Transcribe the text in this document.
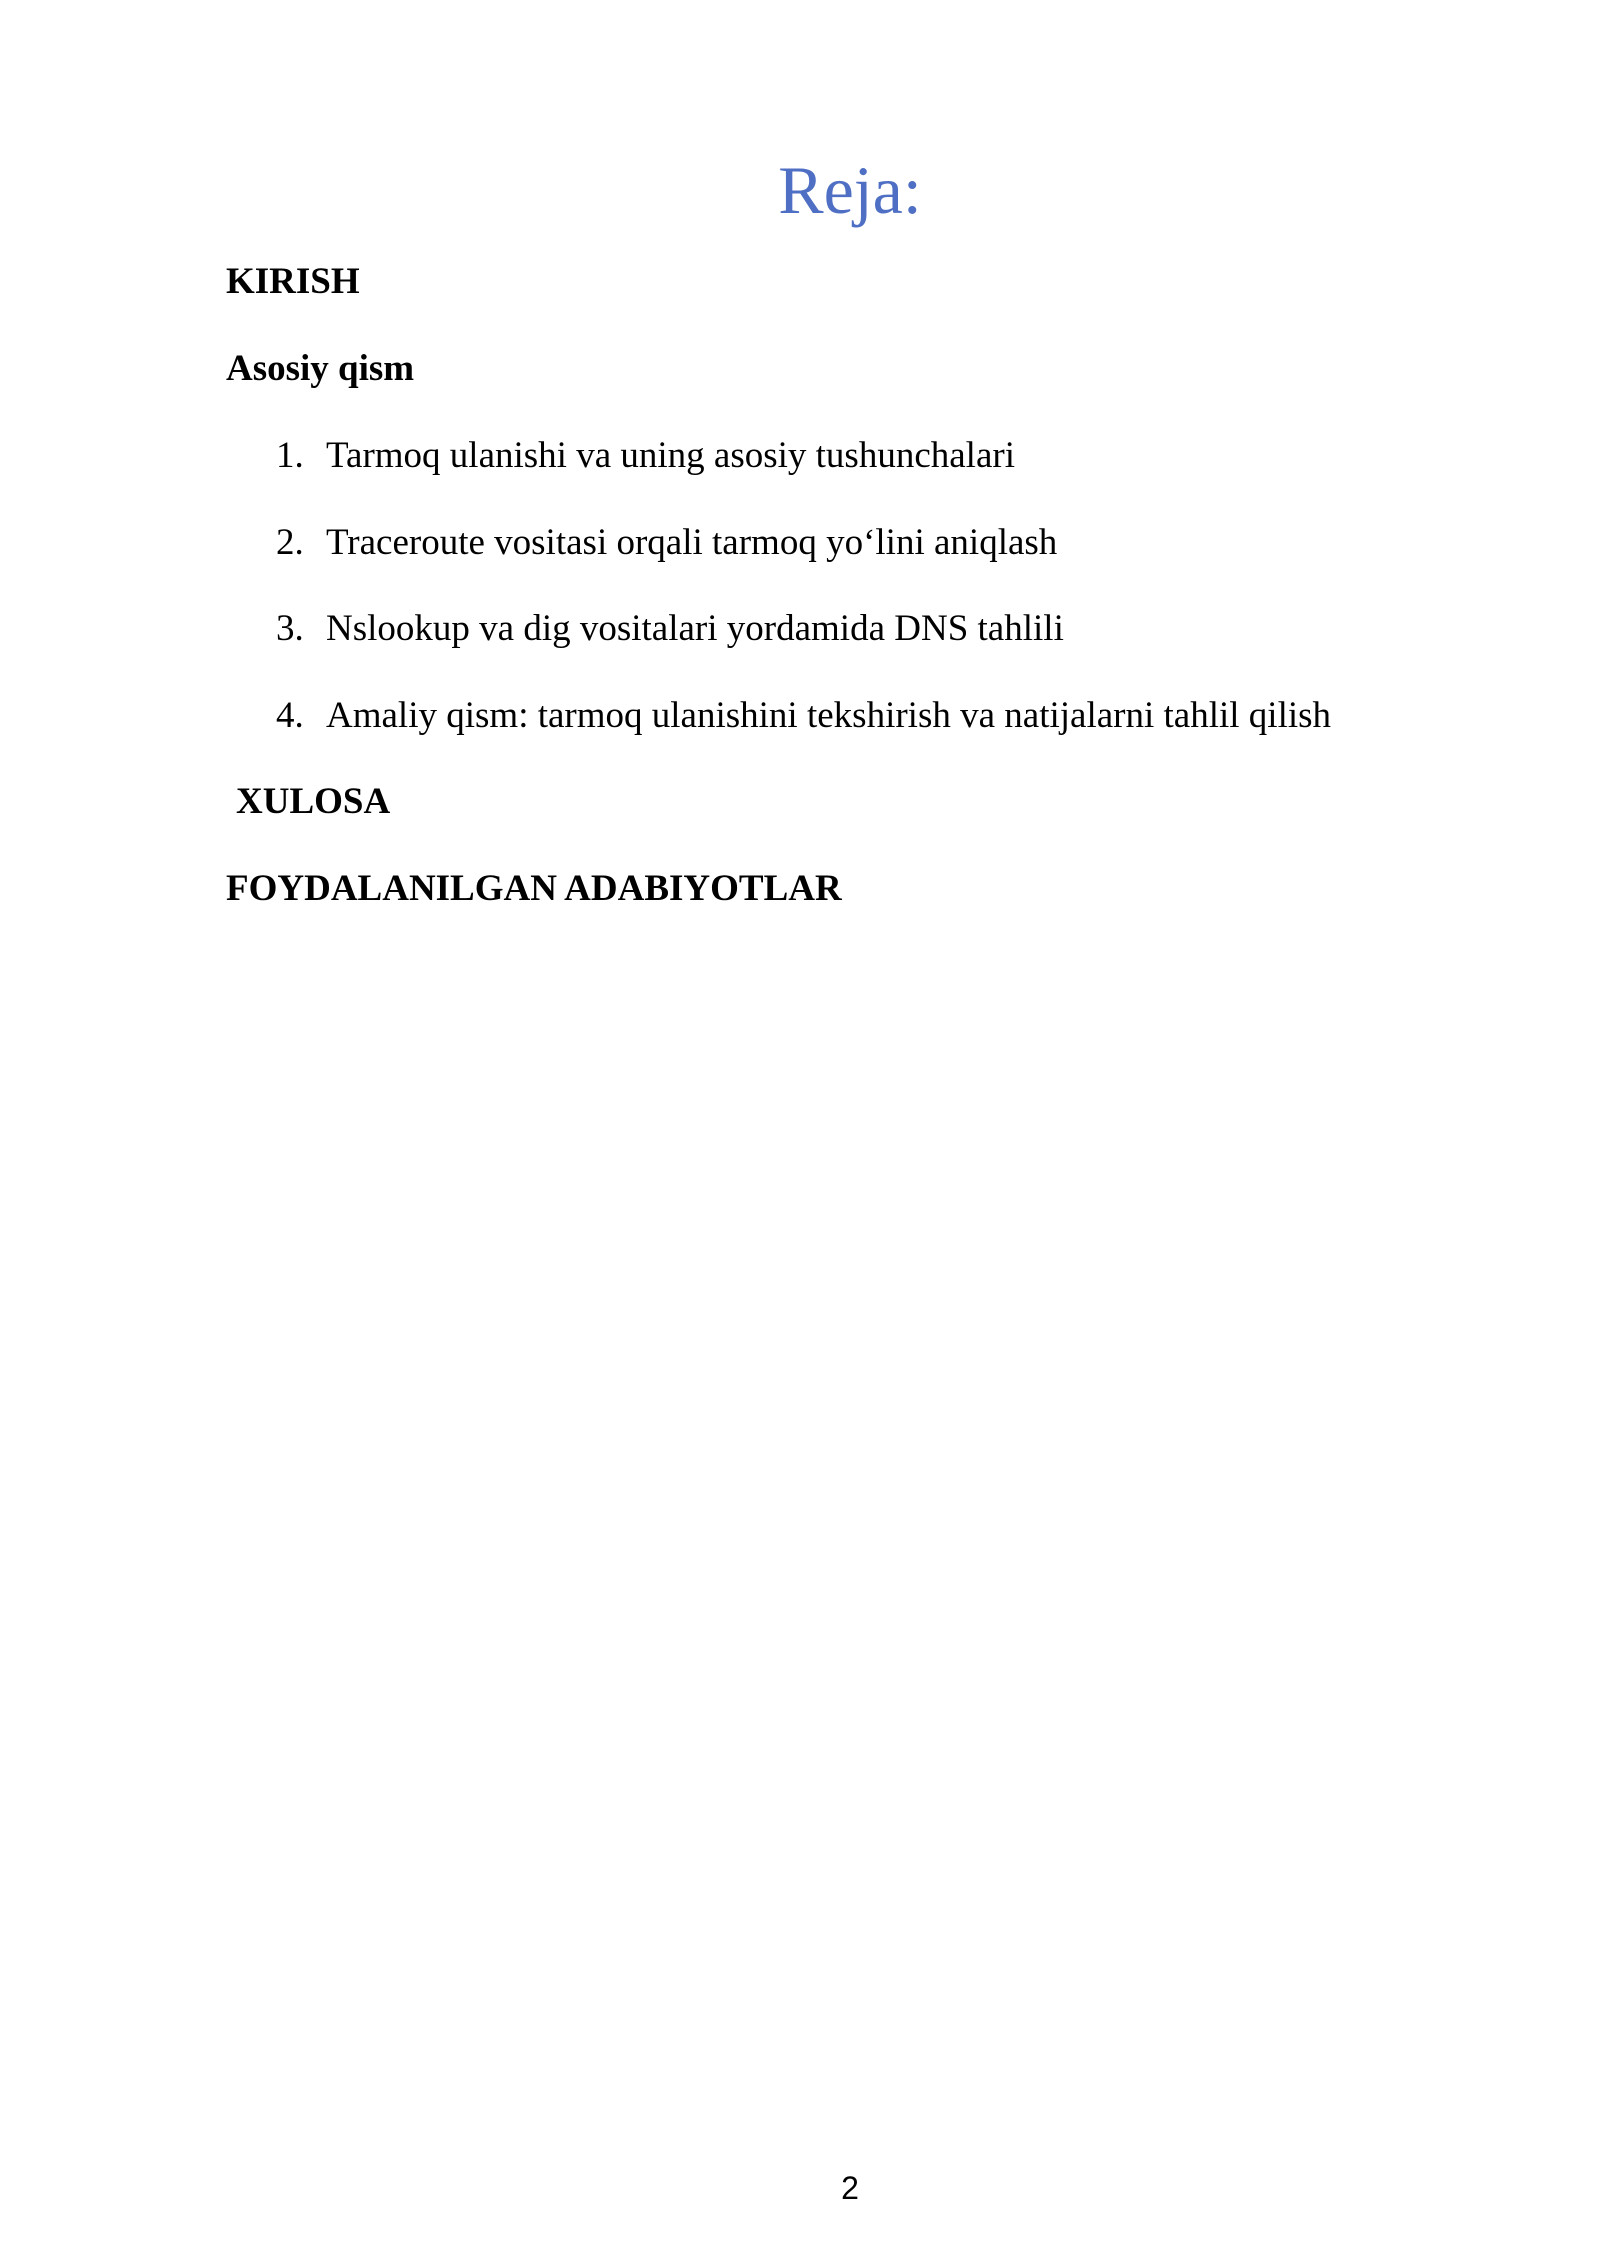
Reja:
KIRISH
Asosiy qism
1. Tarmoq ulanishi va uning asosiy tushunchalari
2. Traceroute vositasi orqali tarmoq yo‘lini aniqlash
3. Nslookup va dig vositalari yordamida DNS tahlili
4. Amaliy qism: tarmoq ulanishini tekshirish va natijalarni tahlil qilish
XULOSA
FOYDALANILGAN ADABIYOTLAR
2
